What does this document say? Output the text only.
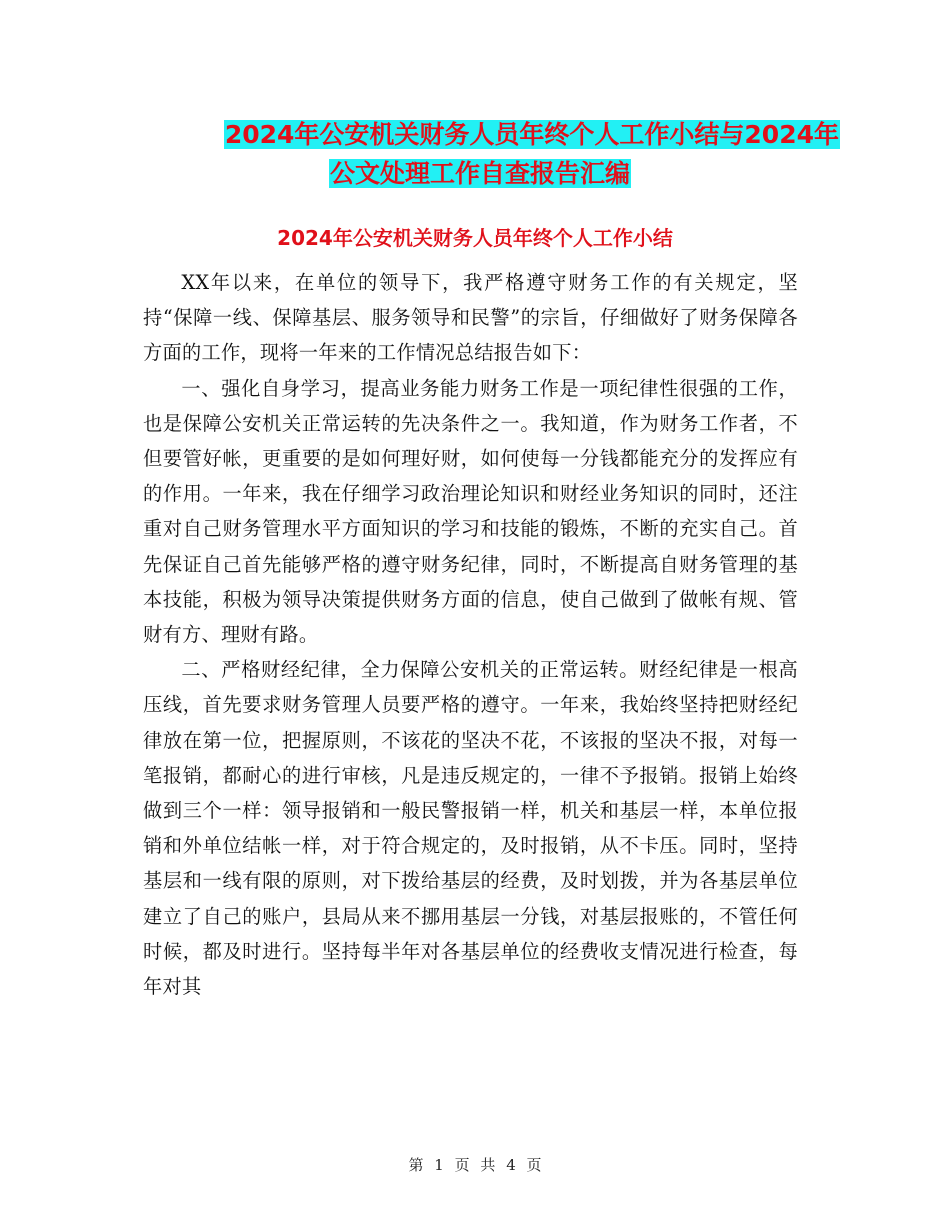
2024年公安机关财务人员年终个人工作小结与2024年
公文处理工作自查报告汇编
2024年公安机关财务人员年终个人工作小结

XX年以来，在单位的领导下，我严格遵守财务工作的有关规定，坚持“保障一线、保障基层、服务领导和民警”的宗旨，仔细做好了财务保障各方面的工作，现将一年来的工作情况总结报告如下：

一、强化自身学习，提高业务能力财务工作是一项纪律性很强的工作，也是保障公安机关正常运转的先决条件之一。我知道，作为财务工作者，不但要管好帐，更重要的是如何理好财，如何使每一分钱都能充分的发挥应有的作用。一年来，我在仔细学习政治理论知识和财经业务知识的同时，还注重对自己财务管理水平方面知识的学习和技能的锻炼，不断的充实自己。首先保证自己首先能够严格的遵守财务纪律，同时，不断提高自财务管理的基本技能，积极为领导决策提供财务方面的信息，使自己做到了做帐有规、管财有方、理财有路。

二、严格财经纪律，全力保障公安机关的正常运转。财经纪律是一根高压线，首先要求财务管理人员要严格的遵守。一年来，我始终坚持把财经纪律放在第一位，把握原则，不该花的坚决不花，不该报的坚决不报，对每一笔报销，都耐心的进行审核，凡是违反规定的，一律不予报销。报销上始终做到三个一样：领导报销和一般民警报销一样，机关和基层一样，本单位报销和外单位结帐一样，对于符合规定的，及时报销，从不卡压。同时，坚持基层和一线有限的原则，对下拨给基层的经费，及时划拨，并为各基层单位建立了自己的账户，县局从来不挪用基层一分钱，对基层报账的，不管任何时候，都及时进行。坚持每半年对各基层单位的经费收支情况进行检查，每年对其

第 1 页 共 4 页
